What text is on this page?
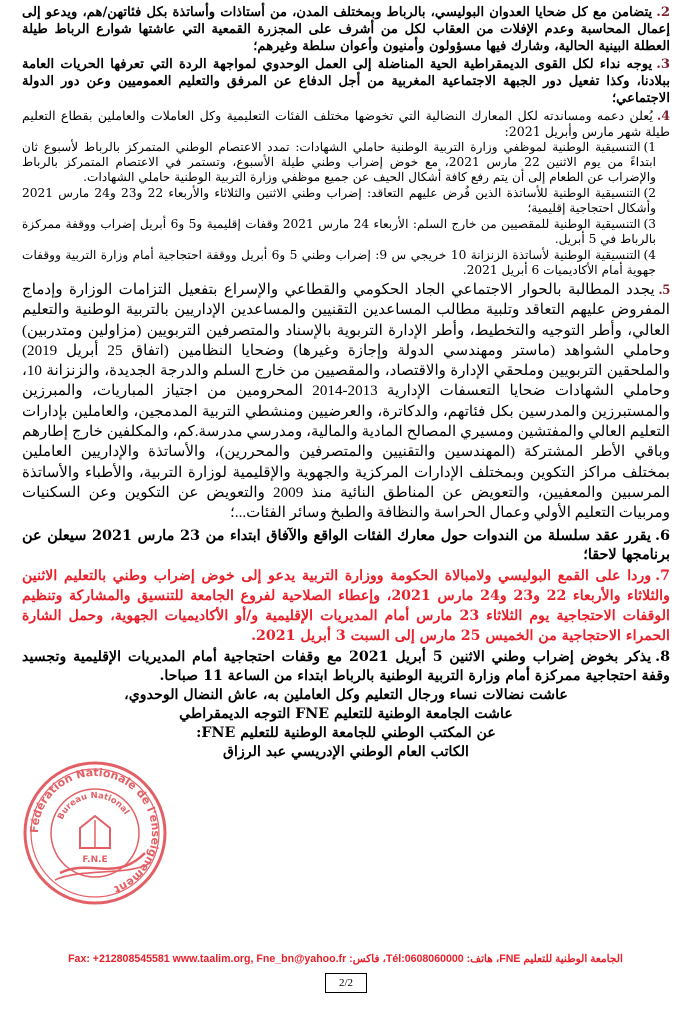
2.يتضامن مع كل ضحايا العدوان البوليسي، بالرباط وبمختلف المدن، من أستاذات وأساتذة بكل فئاتهن/هم، ويدعو إلى إعمال المحاسبة وعدم الإفلات من العقاب لكل من أشرف على المجزرة القمعية التي عاشتها شوارع الرباط طيلة العطلة البينية الحالية، وشارك فيها مسؤولون وأمنيون وأعوان سلطة وغيرهم؛

3.يوجه نداء لكل القوى الديمقراطية الحية المناضلة إلى العمل الوحدوي لمواجهة الردة التي تعرفها الحريات العامة ببلادنا، وكذا تفعيل دور الجبهة الاجتماعية المغربية من أجل الدفاع عن المرفق والتعليم العموميين وعن دور الدولة الاجتماعي؛

4.يُعلن دعمه ومساندته لكل المعارك النضالية التي تخوضها مختلف الفئات التعليمية وكل العاملات والعاملين بقطاع التعليم طيلة شهر مارس وأبريل 2021:

1)التنسيقية الوطنية لموظفي وزارة التربية الوطنية حاملي الشهادات: تمدد الاعتصام الوطني المتمركز بالرباط لأسبوع ثان ابتداءً من يوم الاثنين 22 مارس 2021، مع خوض إضراب وطني طيلة الأسبوع، وتستمر في الاعتصام المتمركز بالرباط والإضراب عن الطعام إلى أن يتم رفع كافة أشكال الحيف عن جميع موظفي وزارة التربية الوطنية حاملي الشهادات.

2)التنسيقية الوطنية للأساتذة الذين فُرض عليهم التعاقد: إضراب وطني الاثنين والثلاثاء والأربعاء 22 و23 و24 مارس 2021 وأشكال احتجاجية إقليمية؛

3)التنسيقية الوطنية للمقصيين من خارج السلم: الأربعاء 24 مارس 2021 وقفات إقليمية و5 و6 أبريل إضراب ووقفة ممركزة بالرباط في 5 أبريل.

4)التنسيقية الوطنية لأساتذة الزنزانة 10 خريجي س 9: إضراب وطني 5 و6 أبريل ووقفة احتجاجية أمام وزارة التربية ووقفات جهوية أمام الأكاديميات 6 أبريل 2021.

5.يجدد المطالبة بالحوار الاجتماعي الجاد الحكومي والقطاعي والإسراع بتفعيل التزامات الوزارة وإدماج المفروض عليهم التعاقد وتلبية مطالب المساعدين التقنيين والمساعدين الإداريين بالتربية الوطنية والتعليم العالي، وأطر التوجيه والتخطيط، وأطر الإدارة التربوية بالإسناد والمتصرفين التربويين (مزاولين ومتدربين) وحاملي الشواهد (ماستر ومهندسي الدولة وإجازة وغيرها) وضحايا النظامين (اتفاق 25 أبريل 2019) والملحقين التربويين وملحقي الإدارة والاقتصاد، والمقصيين من خارج السلم والدرجة الجديدة، والزنزانة 10، وحاملي الشهادات ضحايا التعسفات الإدارية 2013-2014 المحرومين من اجتياز المباريات، والمبرزين والمستبرزين والمدرسين بكل فئاتهم، والدكاترة، والعرضيين ومنشطي التربية المدمجين، والعاملين بإدارات التعليم العالي والمفتشين ومسيري المصالح المادية والمالية، ومدرسي مدرسة.كم، والمكلفين خارج إطارهم وباقي الأطر المشتركة (المهندسين والتقنيين والمتصرفين والمحررين)، والأساتذة والإداريين العاملين بمختلف مراكز التكوين وبمختلف الإدارات المركزية والجهوية والإقليمية لوزارة التربية، والأطباء والأساتذة المرسبين والمعفيين، والتعويض عن المناطق النائية منذ 2009 والتعويض عن التكوين وعن السكنيات ومربيات التعليم الأولي وعمال الحراسة والنظافة والطبخ وسائر الفئات...؛

6.يقرر عقد سلسلة من الندوات حول معارك الفئات الواقع والآفاق ابتداء من 23 مارس 2021 سيعلن عن برنامجها لاحقا؛

7.وردا على القمع البوليسي ولامبالاة الحكومة ووزارة التربية يدعو إلى خوض إضراب وطني بالتعليم الاثنين والثلاثاء والأربعاء 22 و23 و24 مارس 2021، وإعطاء الصلاحية لفروع الجامعة للتنسيق والمشاركة وتنظيم الوقفات الاحتجاجية يوم الثلاثاء 23 مارس أمام المديريات الإقليمية و/أو الأكاديميات الجهوية، وحمل الشارة الحمراء الاحتجاجية من الخميس 25 مارس إلى السبت 3 أبريل 2021.

8.يذكر بخوض إضراب وطني الاثنين 5 أبريل 2021 مع وقفات احتجاجية أمام المديريات الإقليمية وتجسيد وقفة احتجاجية ممركزة أمام وزارة التربية الوطنية بالرباط ابتداء من الساعة 11 صباحا.

عاشت نضالات نساء ورجال التعليم وكل العاملين به، عاش النضال الوحدوي،

عاشت الجامعة الوطنية للتعليم FNE التوجه الديمقراطي

عن المكتب الوطني للجامعة الوطنية للتعليم FNE:

الكاتب العام الوطني الإدريسي عبد الرزاق

الجامعة الوطنية للتعليم FNE، هاتف: Tél:0608060000، فاكس: Fax: +212808545581 www.taalim.org, Fne_bn@yahoo.fr
2/2
Fédération Nationale de l'enseignement
Bureau National
F.N.E
